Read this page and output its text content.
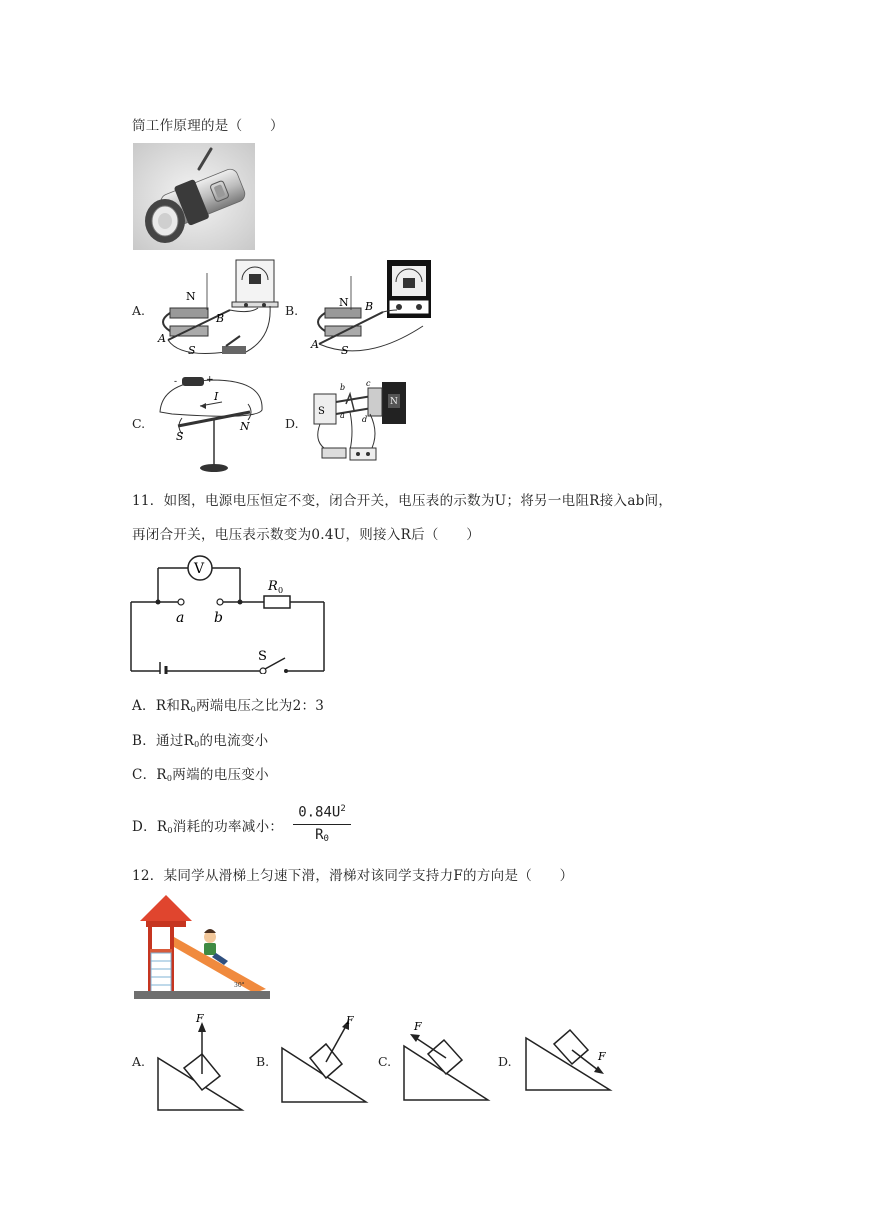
筒工作原理的是（　　）
A.	B.
C.	D.
N
S
A
B
N
S
A
B
-	+
I
S
N
S
N
b	c
a d
11．如图，电源电压恒定不变，闭合开关，电压表的示数为U；将另一电阻R接入ab间，
再闭合开关，电压表示数变为0.4U，则接入R后（　　）
V
a b
R 0
S
A．R和$R_0$两端电压之比为2：3
B．通过$R_0$的电流变小
C．$R_0$两端的电压变小
D．$R_0$消耗的功率减小：
$0.84U^2$
$R_0$
12．某同学从滑梯上匀速下滑，滑梯对该同学支持力F的方向是（　　）
30°
A.	B.	C.	D.
F	F	F
F
